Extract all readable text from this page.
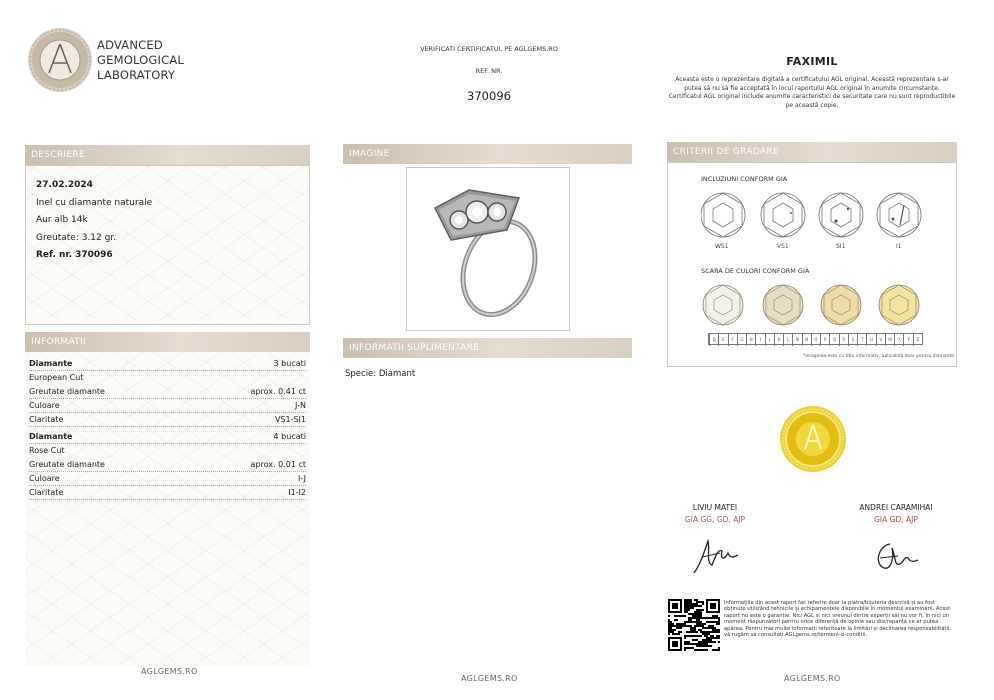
ADVANCED
GEMOLOGICAL
LABORATORY
VERIFICATI CERTIFICATUL PE AGLGEMS.RO
REF. NR.
370096
FAXIMIL
Aceasta este o reprezentare digitală a certificatului AGL original. Această reprezentare s-ar putea să nu să fie acceptată în locul raportului AGL original în anumite circumstanțe. Certificatul AGL original include anumite caracteristici de securitate care nu sunt reproductibile pe această copie.
DESCRIERE
27.02.2024
Inel cu diamante naturale
Aur alb 14k
Greutate: 3.12 gr.
Ref. nr. 370096
INFORMATII
Diamante	3 bucati
European Cut
Greutate diamante	aprox. 0.41 ct
Culoare	J-N
Claritate	VS1-SI1
Diamante	4 bucati
Rose Cut
Greutate diamante	aprox. 0.01 ct
Culoare	I-J
Claritate	I1-I2
IMAGINE
INFORMATII SUPLIMENTARE
Specie: Diamant
CRITERII DE GRADARE
INCLUZIUNI CONFORM GIA
WS1	VS1	SI1	I1
SCARA DE CULORI CONFORM GIA
D	E	F	G	H	I	J	K	L	M	N	O	P	Q	R	S	T	U	V	W	X	Y	Z
*imaginea este cu titlu informativ, aplicabilă doar pentru diamante
LIVIU MATEI
GIA GG, GD, AJP
ANDREI CARAMIHAI
GIA GD, AJP
Informațiile din acest raport fac referire doar la piatra/bijuteria descrisă și au fost obținute utilizând tehnicile și echipamentele disponibile în momentul examinării. Acest raport nu este o garanție. Nici AGL și nici vreunul dintre experții săi nu vor fi, în nici un moment răspunzători pentru orice diferență de opinie sau discrepanță ce ar putea apărea. Pentru mai multe informații referitoare la limitări și declinarea responsabilității, vă rugăm să consultați AGLgems.ro/termeni-si-conditii.
AGLGEMS.RO
AGLGEMS.RO	AGLGEMS.RO
